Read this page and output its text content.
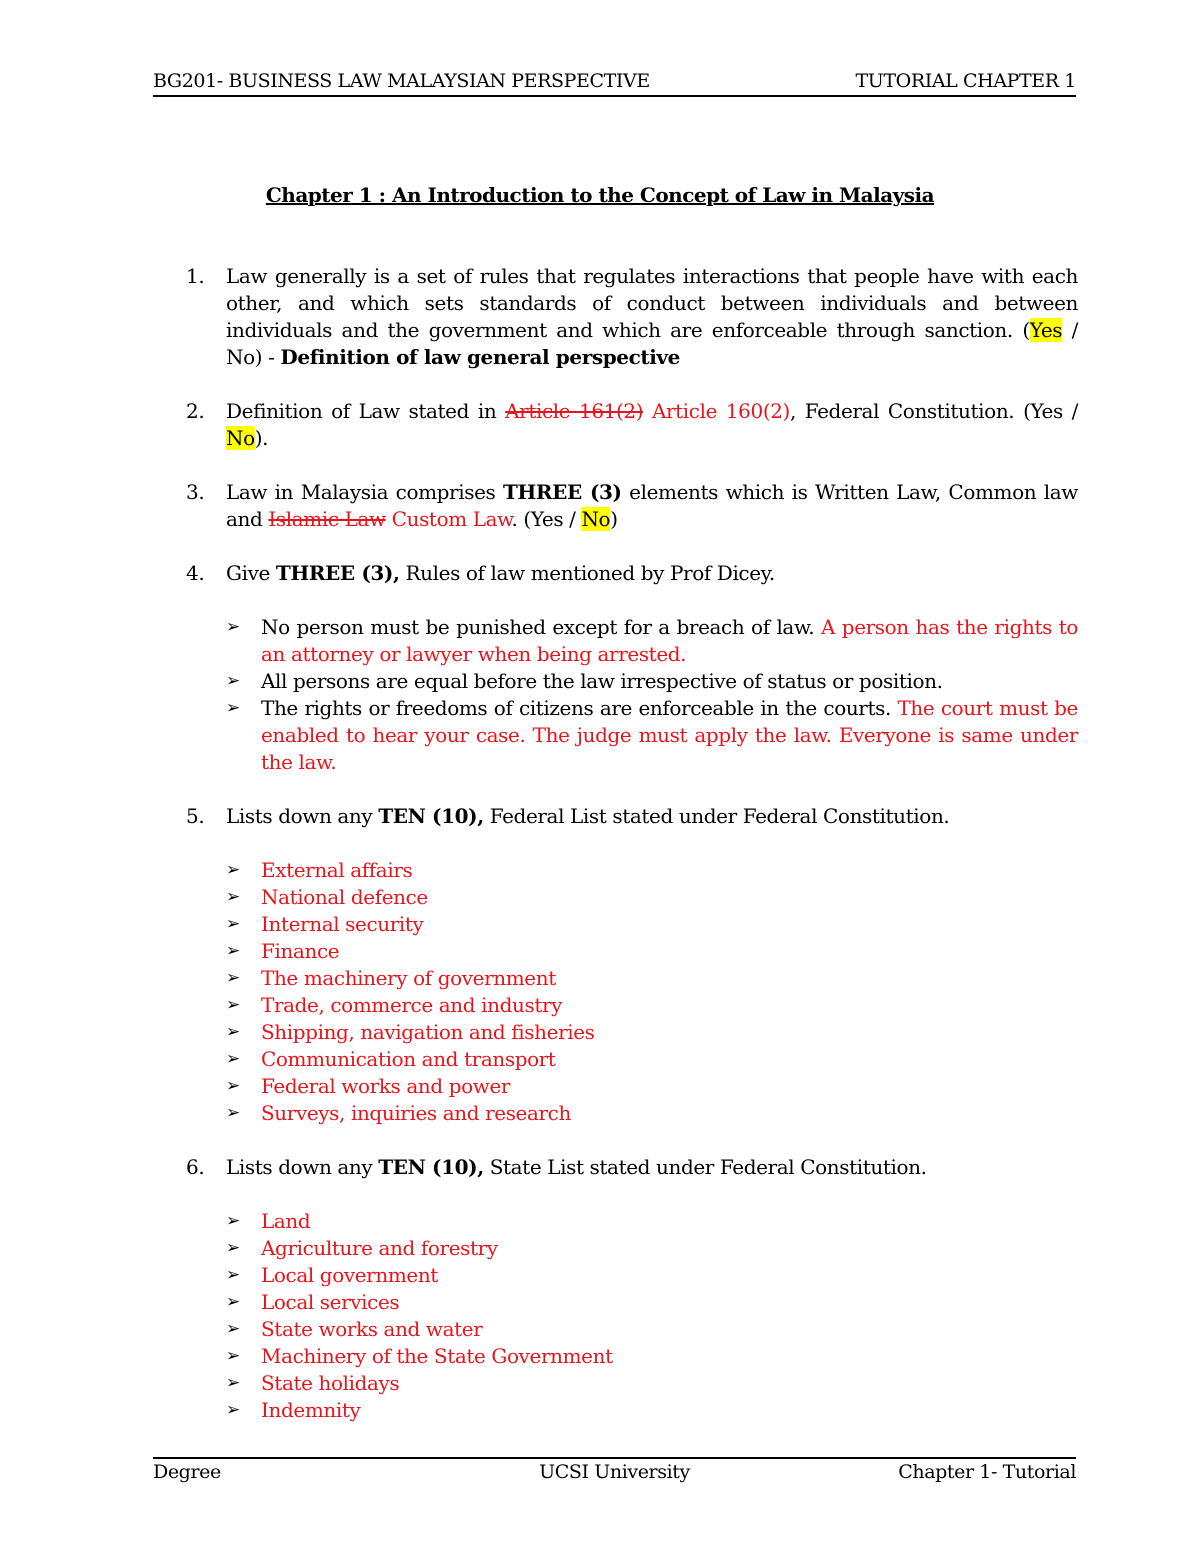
BG201- BUSINESS LAW MALAYSIAN PERSPECTIVE	TUTORIAL CHAPTER 1
Chapter 1 : An Introduction to the Concept of Law in Malaysia
1. Law generally is a set of rules that regulates interactions that people have with each other, and which sets standards of conduct between individuals and between individuals and the government and which are enforceable through sanction. (Yes / No) - Definition of law general perspective
2. Definition of Law stated in Article 161(2) Article 160(2), Federal Constitution. (Yes / No).
3. Law in Malaysia comprises THREE (3) elements which is Written Law, Common law and Islamic Law Custom Law. (Yes / No)
4. Give THREE (3), Rules of law mentioned by Prof Dicey.
➢ No person must be punished except for a breach of law. A person has the rights to an attorney or lawyer when being arrested.
➢ All persons are equal before the law irrespective of status or position.
➢ The rights or freedoms of citizens are enforceable in the courts. The court must be enabled to hear your case. The judge must apply the law. Everyone is same under the law.
5. Lists down any TEN (10), Federal List stated under Federal Constitution.
➢ External affairs
➢ National defence
➢ Internal security
➢ Finance
➢ The machinery of government
➢ Trade, commerce and industry
➢ Shipping, navigation and fisheries
➢ Communication and transport
➢ Federal works and power
➢ Surveys, inquiries and research
6. Lists down any TEN (10), State List stated under Federal Constitution.
➢ Land
➢ Agriculture and forestry
➢ Local government
➢ Local services
➢ State works and water
➢ Machinery of the State Government
➢ State holidays
➢ Indemnity
Degree	UCSI University	Chapter 1- Tutorial
